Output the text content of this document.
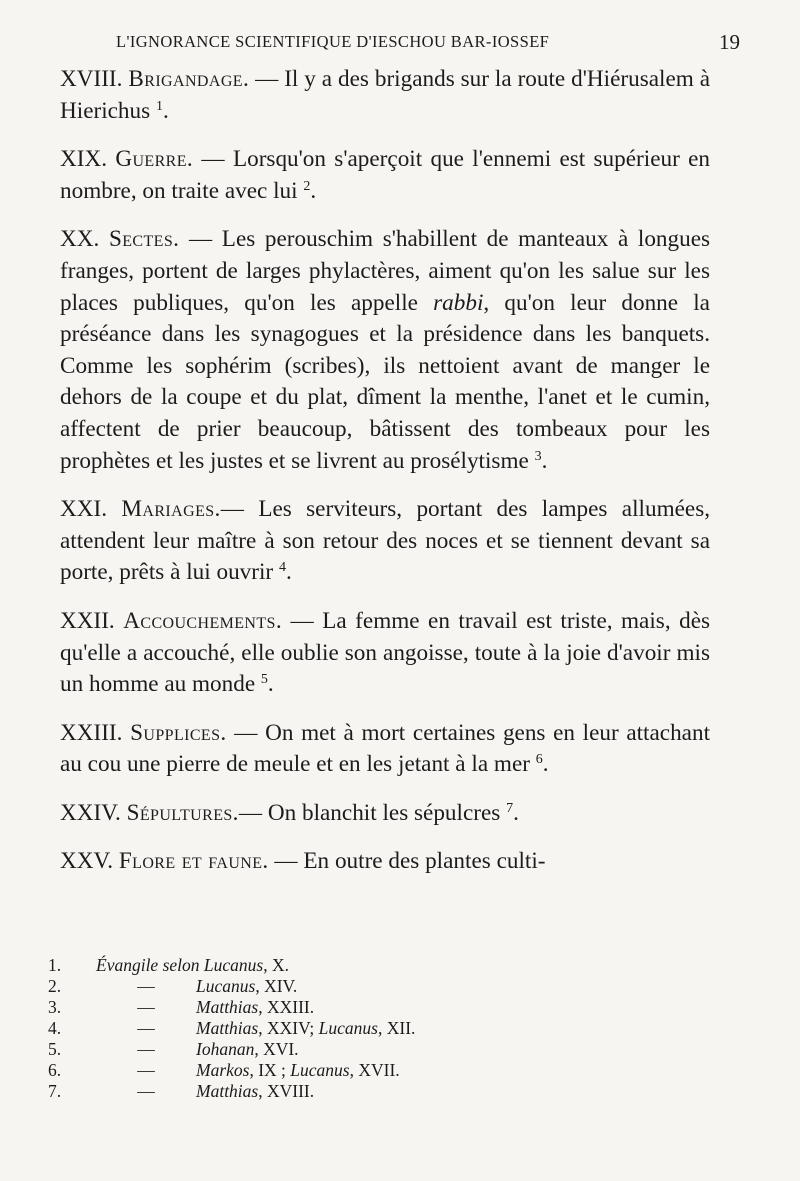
L'IGNORANCE SCIENTIFIQUE D'IESCHOU BAR-IOSSEF	19

XVIII. Brigandage. — Il y a des brigands sur la route d'Hiérusalem à Hierichus $^1$.

XIX. Guerre. — Lorsqu'on s'aperçoit que l'ennemi est supérieur en nombre, on traite avec lui $^2$.

XX. Sectes. — Les perouschim s'habillent de manteaux à longues franges, portent de larges phylactères, aiment qu'on les salue sur les places publiques, qu'on les appelle rabbi, qu'on leur donne la préséance dans les synagogues et la présidence dans les banquets. Comme les sophérim (scribes), ils nettoient avant de manger le dehors de la coupe et du plat, dîment la menthe, l'anet et le cumin, affectent de prier beaucoup, bâtissent des tombeaux pour les prophètes et les justes et se livrent au prosélytisme $^3$.

XXI. Mariages.— Les serviteurs, portant des lampes allumées, attendent leur maître à son retour des noces et se tiennent devant sa porte, prêts à lui ouvrir $^4$.

XXII. Accouchements. — La femme en travail est triste, mais, dès qu'elle a accouché, elle oublie son angoisse, toute à la joie d'avoir mis un homme au monde $^5$.

XXIII. Supplices. — On met à mort certaines gens en leur attachant au cou une pierre de meule et en les jetant à la mer $^6$.

XXIV. Sépultures.— On blanchit les sépulcres $^7$.

XXV. Flore et faune. — En outre des plantes culti-

1.	Évangile selon Lucanus, X.
2.	—	Lucanus, XIV.
3.	—	Matthias, XXIII.
4.	—	Matthias, XXIV; Lucanus, XII.
5.	—	Iohanan, XVI.
6.	—	Markos, IX ; Lucanus, XVII.
7.	—	Matthias, XVIII.
